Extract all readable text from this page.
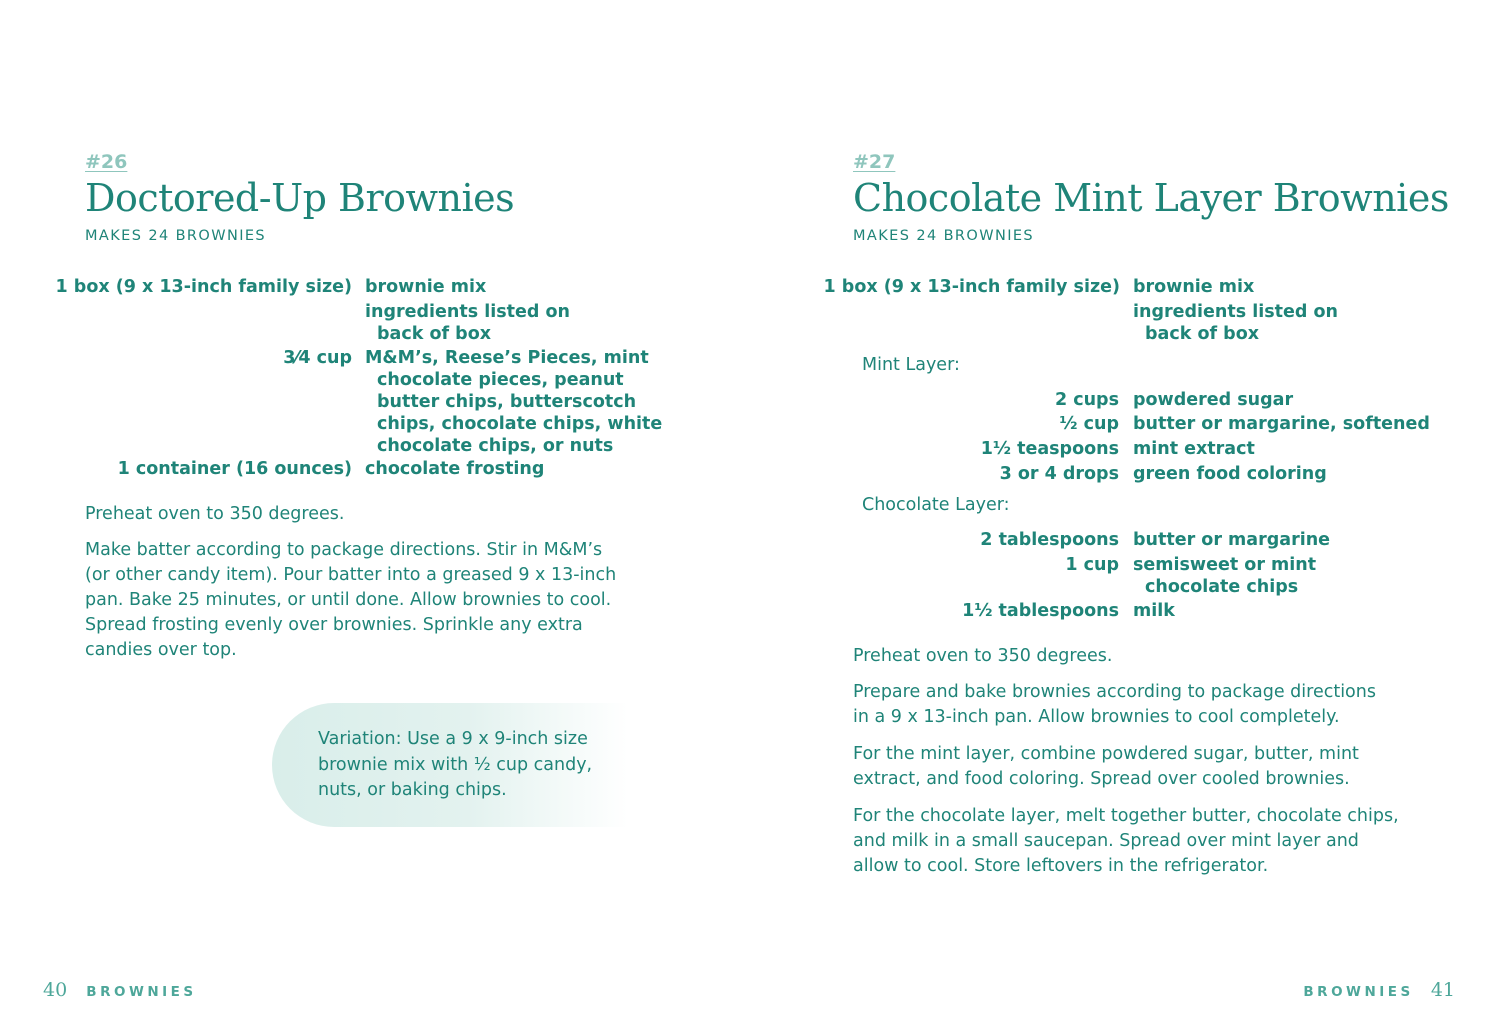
#26
Doctored-Up Brownies
MAKES 24 BROWNIES
1 box (9 x 13-inch family size) brownie mix
ingredients listed on
back of box
3⁄4 cup M&M’s, Reese’s Pieces, mint
chocolate pieces, peanut
butter chips, butterscotch
chips, chocolate chips, white
chocolate chips, or nuts
1 container (16 ounces) chocolate frosting

Preheat oven to 350 degrees.

Make batter according to package directions. Stir in M&M’s
(or other candy item). Pour batter into a greased 9 x 13-inch
pan. Bake 25 minutes, or until done. Allow brownies to cool.
Spread frosting evenly over brownies. Sprinkle any extra
candies over top.

Variation: Use a 9 x 9-inch size
brownie mix with ½ cup candy,
nuts, or baking chips.

40 BROWNIES
#27
Chocolate Mint Layer Brownies
MAKES 24 BROWNIES
1 box (9 x 13-inch family size) brownie mix
ingredients listed on
back of box
Mint Layer:
2 cups powdered sugar
½ cup butter or margarine, softened
1½ teaspoons mint extract
3 or 4 drops green food coloring
Chocolate Layer:
2 tablespoons butter or margarine
1 cup semisweet or mint
chocolate chips
1½ tablespoons milk

Preheat oven to 350 degrees.

Prepare and bake brownies according to package directions
in a 9 x 13-inch pan. Allow brownies to cool completely.

For the mint layer, combine powdered sugar, butter, mint
extract, and food coloring. Spread over cooled brownies.

For the chocolate layer, melt together butter, chocolate chips,
and milk in a small saucepan. Spread over mint layer and
allow to cool. Store leftovers in the refrigerator.

BROWNIES 41
